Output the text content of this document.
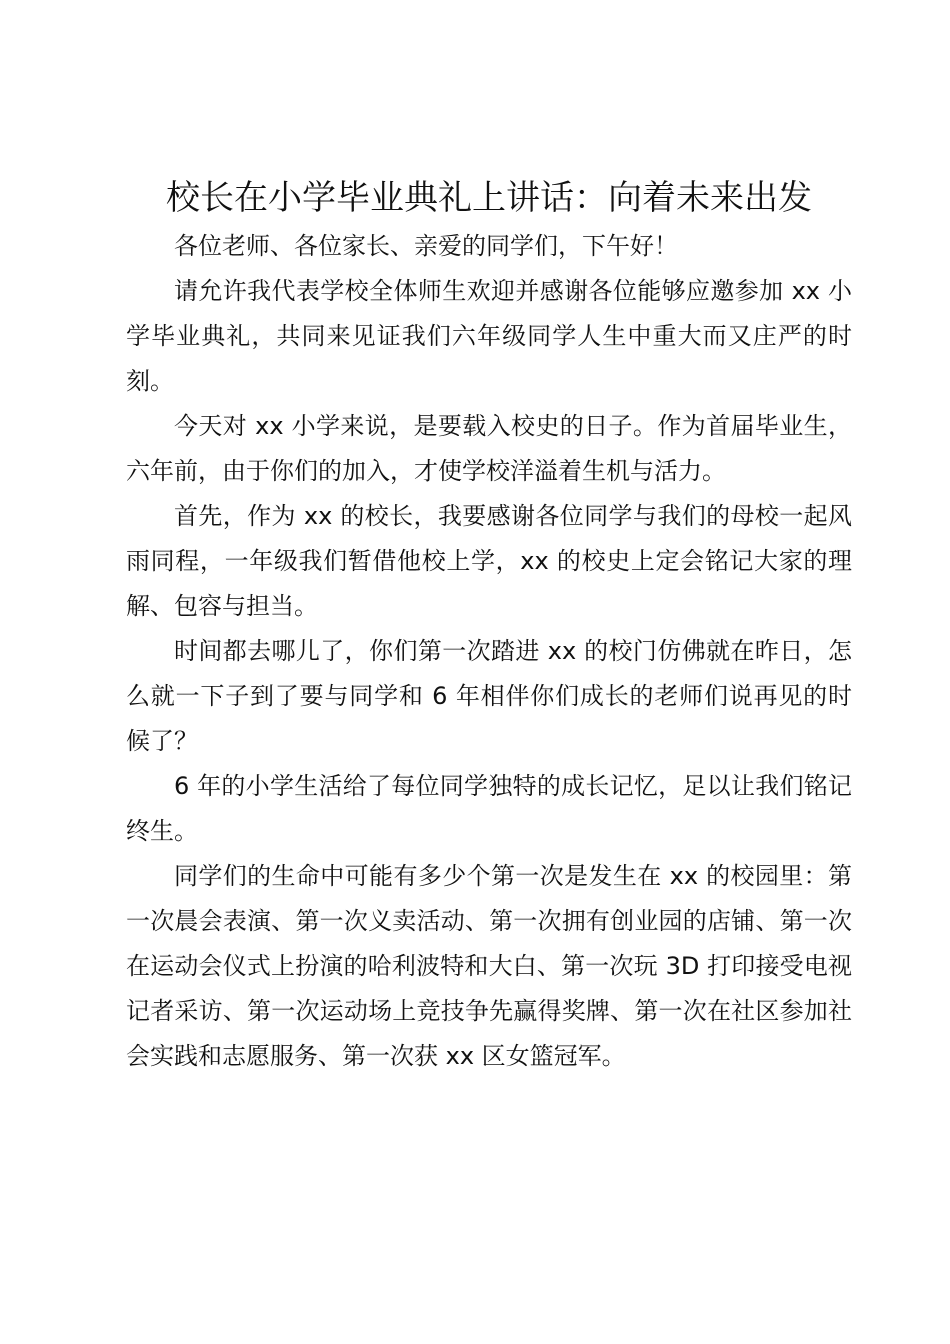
校长在小学毕业典礼上讲话：向着未来出发

各位老师、各位家长、亲爱的同学们，下午好！

请允许我代表学校全体师生欢迎并感谢各位能够应邀参加 xx 小学毕业典礼，共同来见证我们六年级同学人生中重大而又庄严的时刻。

今天对 xx 小学来说，是要载入校史的日子。作为首届毕业生，六年前，由于你们的加入，才使学校洋溢着生机与活力。

首先，作为 xx 的校长，我要感谢各位同学与我们的母校一起风雨同程，一年级我们暂借他校上学，xx 的校史上定会铭记大家的理解、包容与担当。

时间都去哪儿了，你们第一次踏进 xx 的校门仿佛就在昨日，怎么就一下子到了要与同学和 6 年相伴你们成长的老师们说再见的时候了？

6 年的小学生活给了每位同学独特的成长记忆，足以让我们铭记终生。

同学们的生命中可能有多少个第一次是发生在 xx 的校园里：第一次晨会表演、第一次义卖活动、第一次拥有创业园的店铺、第一次在运动会仪式上扮演的哈利波特和大白、第一次玩 3D 打印接受电视记者采访、第一次运动场上竞技争先赢得奖牌、第一次在社区参加社会实践和志愿服务、第一次获 xx 区女篮冠军。
